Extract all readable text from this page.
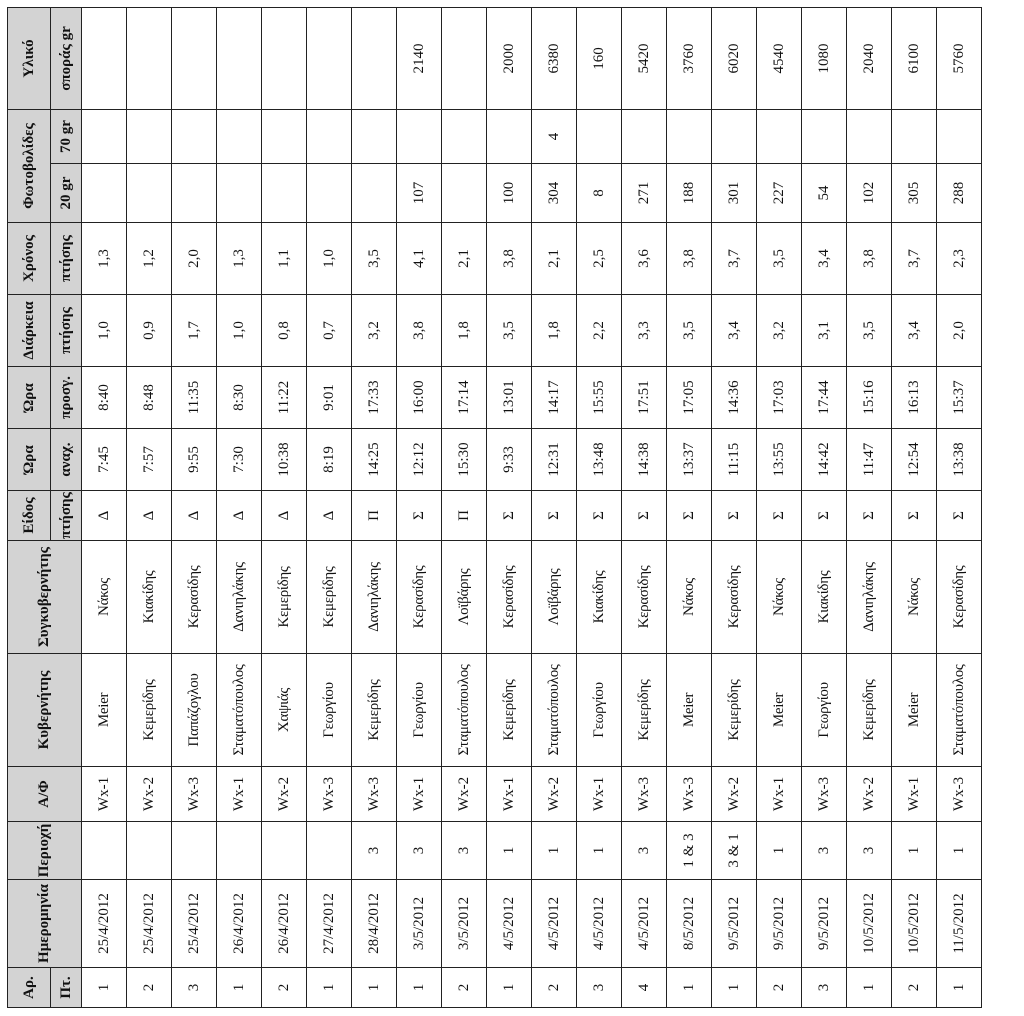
Αρ.	Ημερομηνία	Περιοχή	Α/Φ	Κυβερνήτης	Συγκυβερνήτης	Είδος	Ώρα	Ώρα	Διάρκεια	Χρόνος	Φωτοβολίδες		Υλικό
Πτ.						πτήσης	αναχ.	προσγ.	πτήσης	πτήσης	20 gr	70 gr	σποράς gr
1	25/4/2012		Wx-1	Meier	Νάκος	Δ	7:45	8:40	1,0	1,3			
2	25/4/2012		Wx-2	Κεμερίδης	Κιακίδης	Δ	7:57	8:48	0,9	1,2			
3	25/4/2012		Wx-3	Παπάζογλου	Κερασίδης	Δ	9:55	11:35	1,7	2,0			
1	26/4/2012		Wx-1	Σταματόπουλος	Δανιηλάκης	Δ	7:30	8:30	1,0	1,3			
2	26/4/2012		Wx-2	Χαψιάς	Κεμερίδης	Δ	10:38	11:22	0,8	1,1			
1	27/4/2012		Wx-3	Γεωργίου	Κεμερίδης	Δ	8:19	9:01	0,7	1,0			
1	28/4/2012	3	Wx-3	Κεμερίδης	Δανιηλάκης	Π	14:25	17:33	3,2	3,5			
1	3/5/2012	3	Wx-1	Γεωργίου	Κερασίδης	Σ	12:12	16:00	3,8	4,1	107		2140
2	3/5/2012	3	Wx-2	Σταματόπουλος	Λοϊβάρης	Π	15:30	17:14	1,8	2,1			
1	4/5/2012	1	Wx-1	Κεμερίδης	Κερασίδης	Σ	9:33	13:01	3,5	3,8	100		2000
2	4/5/2012	1	Wx-2	Σταματόπουλος	Λοϊβάρης	Σ	12:31	14:17	1,8	2,1	304	4	6380
3	4/5/2012	1	Wx-1	Γεωργίου	Κιακίδης	Σ	13:48	15:55	2,2	2,5	8		160
4	4/5/2012	3	Wx-3	Κεμερίδης	Κερασίδης	Σ	14:38	17:51	3,3	3,6	271		5420
1	8/5/2012	1 & 3	Wx-3	Meier	Νάκος	Σ	13:37	17:05	3,5	3,8	188		3760
1	9/5/2012	3 & 1	Wx-2	Κεμερίδης	Κερασίδης	Σ	11:15	14:36	3,4	3,7	301		6020
2	9/5/2012	1	Wx-1	Meier	Νάκος	Σ	13:55	17:03	3,2	3,5	227		4540
3	9/5/2012	3	Wx-3	Γεωργίου	Κιακίδης	Σ	14:42	17:44	3,1	3,4	54		1080
1	10/5/2012	3	Wx-2	Κεμερίδης	Δανιηλάκης	Σ	11:47	15:16	3,5	3,8	102		2040
2	10/5/2012	1	Wx-1	Meier	Νάκος	Σ	12:54	16:13	3,4	3,7	305		6100
1	11/5/2012	1	Wx-3	Σταματόπουλος	Κερασίδης	Σ	13:38	15:37	2,0	2,3	288		5760
